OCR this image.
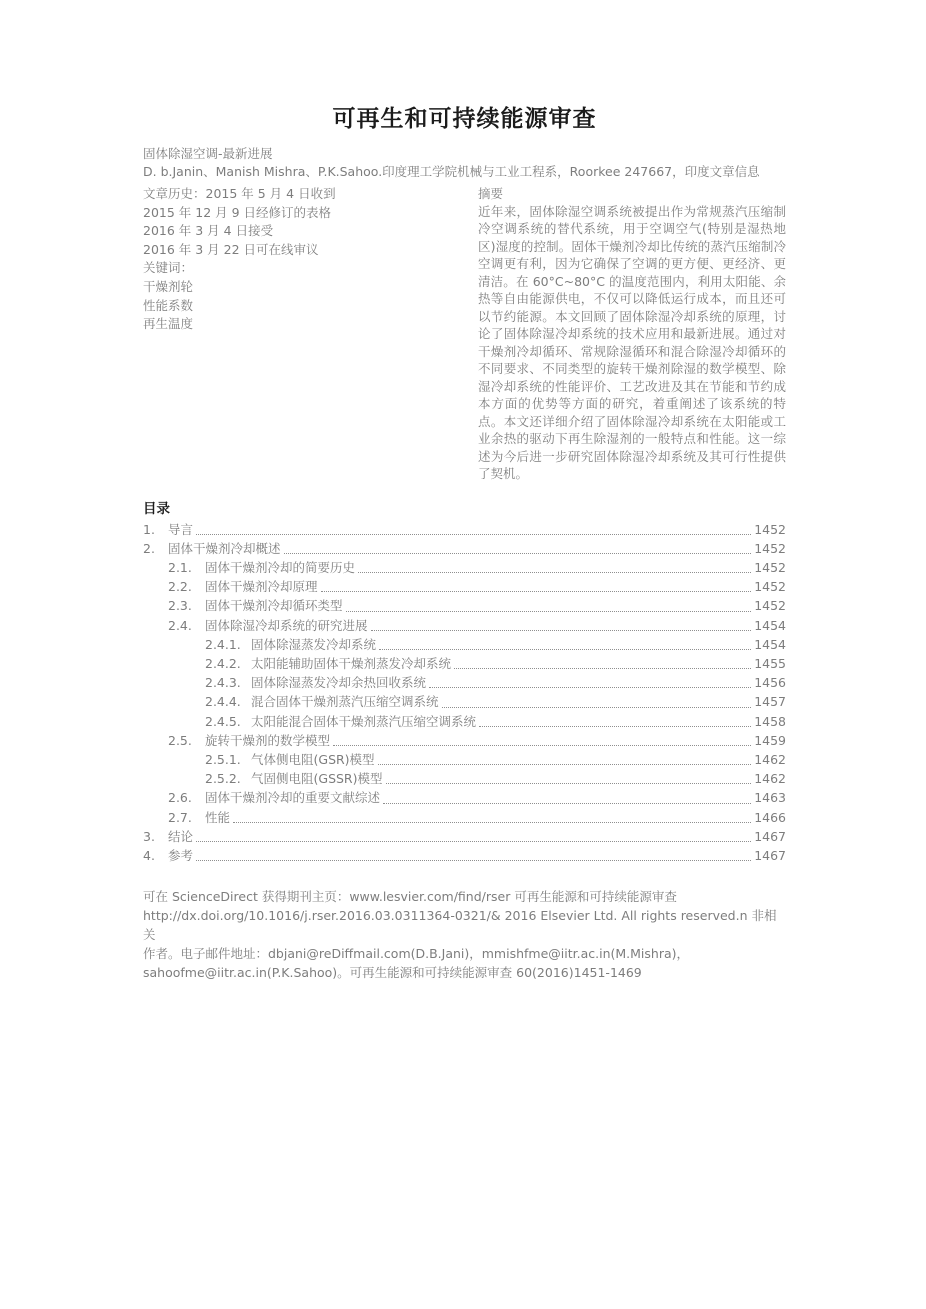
可再生和可持续能源审查
固体除湿空调-最新进展
D. b.Janin、Manish Mishra、P.K.Sahoo.印度理工学院机械与工业工程系，Roorkee 247667，印度文章信息
文章历史：2015 年 5 月 4 日收到
2015 年 12 月 9 日经修订的表格
2016 年 3 月 4 日接受
2016 年 3 月 22 日可在线审议
关键词：
干燥剂轮
性能系数
再生温度
摘要
近年来，固体除湿空调系统被提出作为常规蒸汽压缩制冷空调系统的替代系统，用于空调空气(特别是湿热地区)湿度的控制。固体干燥剂冷却比传统的蒸汽压缩制冷空调更有利，因为它确保了空调的更方便、更经济、更清洁。在 60°C~80°C 的温度范围内，利用太阳能、余热等自由能源供电，不仅可以降低运行成本，而且还可以节约能源。本文回顾了固体除湿冷却系统的原理，讨论了固体除湿冷却系统的技术应用和最新进展。通过对干燥剂冷却循环、常规除湿循环和混合除湿冷却循环的不同要求、不同类型的旋转干燥剂除湿的数学模型、除湿冷却系统的性能评价、工艺改进及其在节能和节约成本方面的优势等方面的研究，着重阐述了该系统的特点。本文还详细介绍了固体除湿冷却系统在太阳能或工业余热的驱动下再生除湿剂的一般特点和性能。这一综述为今后进一步研究固体除湿冷却系统及其可行性提供了契机。
目录
1.	导言	1452
2.	固体干燥剂冷却概述	1452
2.1.	固体干燥剂冷却的简要历史	1452
2.2.	固体干燥剂冷却原理	1452
2.3.	固体干燥剂冷却循环类型	1452
2.4.	固体除湿冷却系统的研究进展	1454
2.4.1. 固体除湿蒸发冷却系统	1454
2.4.2. 太阳能辅助固体干燥剂蒸发冷却系统	1455
2.4.3. 固体除湿蒸发冷却余热回收系统	1456
2.4.4. 混合固体干燥剂蒸汽压缩空调系统	1457
2.4.5. 太阳能混合固体干燥剂蒸汽压缩空调系统	1458
2.5.	旋转干燥剂的数学模型	1459
2.5.1. 气体侧电阻(GSR)模型	1462
2.5.2. 气固侧电阻(GSSR)模型	1462
2.6.	固体干燥剂冷却的重要文献综述	1463
2.7.	性能	1466
3.	结论	1467
4.	参考	1467
可在 ScienceDirect 获得期刊主页：www.lesvier.com/find/rser 可再生能源和可持续能源审查
http://dx.doi.org/10.1016/j.rser.2016.03.0311364-0321/& 2016 Elsevier Ltd. All rights reserved.n 非相关
作者。电子邮件地址：dbjani@reDiffmail.com(D.B.Jani)，mmishfme@iitr.ac.in(M.Mishra)，
sahoofme@iitr.ac.in(P.K.Sahoo)。可再生能源和可持续能源审查 60(2016)1451-1469
